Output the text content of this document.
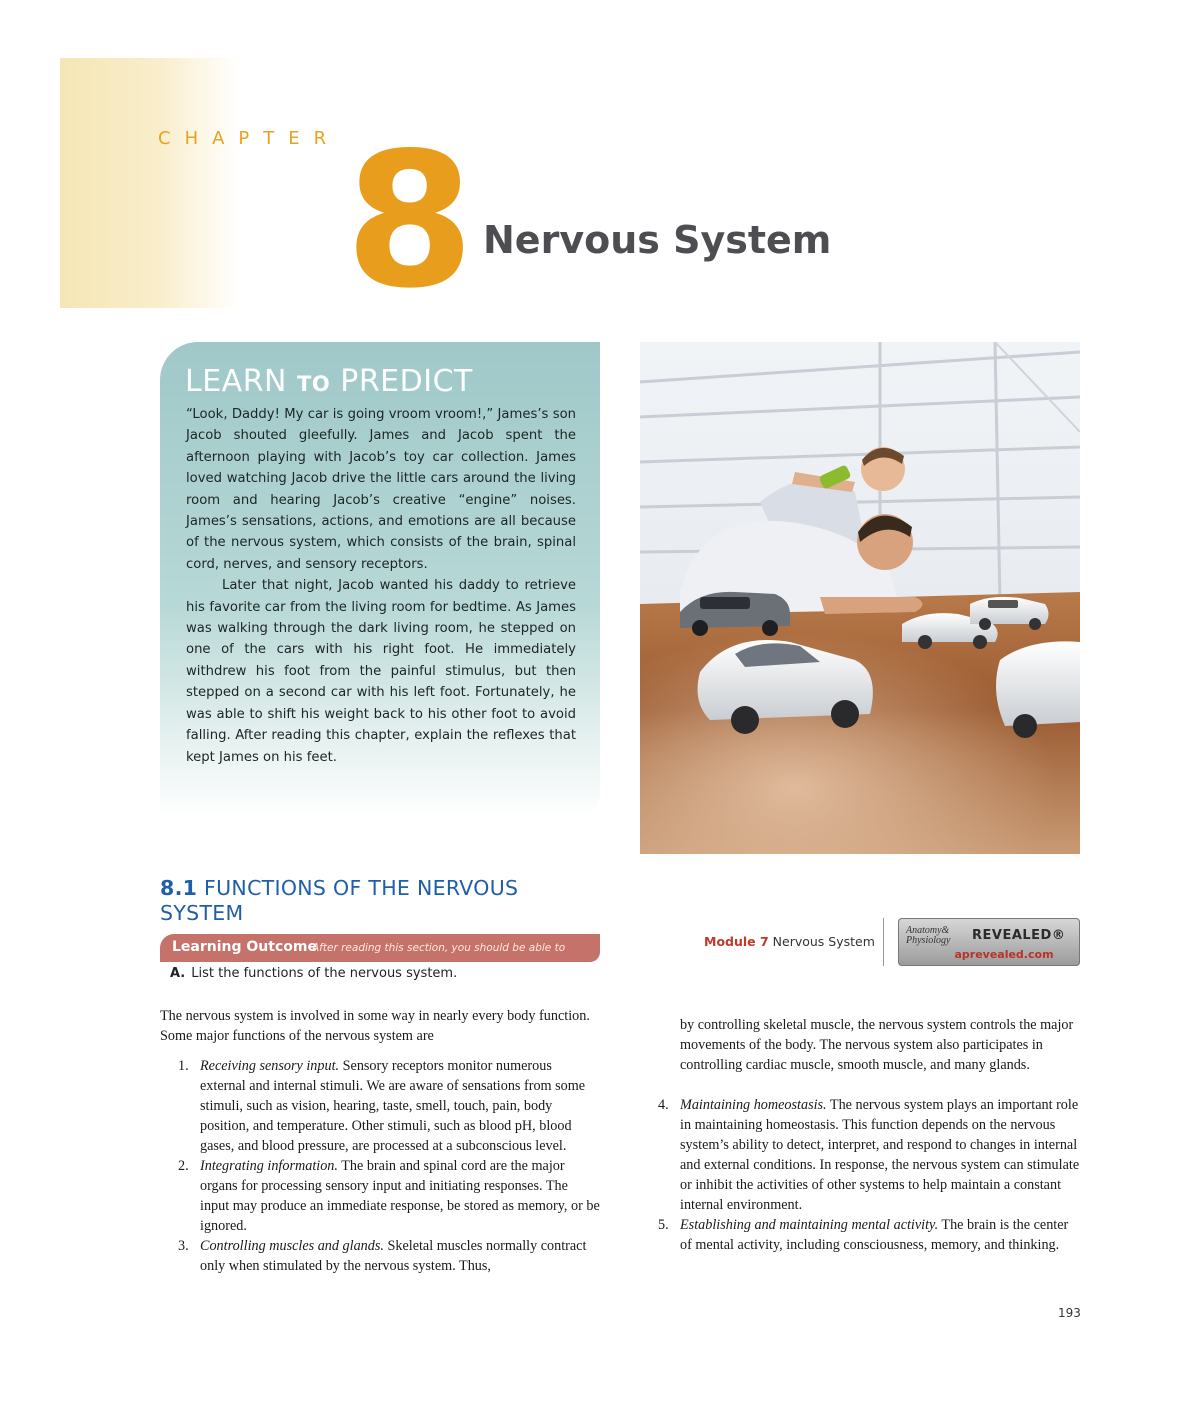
CHAPTER 8 Nervous System
LEARN TO PREDICT

“Look, Daddy! My car is going vroom vroom!,” James’s son Jacob shouted gleefully. James and Jacob spent the afternoon playing with Jacob’s toy car collection. James loved watching Jacob drive the little cars around the living room and hearing Jacob’s creative “engine” noises. James’s sensations, actions, and emotions are all because of the nervous system, which consists of the brain, spinal cord, nerves, and sensory receptors.

Later that night, Jacob wanted his daddy to retrieve his favorite car from the living room for bedtime. As James was walking through the dark living room, he stepped on one of the cars with his right foot. He immediately withdrew his foot from the painful stimulus, but then stepped on a second car with his left foot. Fortunately, he was able to shift his weight back to his other foot to avoid falling. After reading this chapter, explain the reflexes that kept James on his feet.

8.1 FUNCTIONS OF THE NERVOUS SYSTEM
Learning Outcome
After reading this section, you should be able to
A. List the functions of the nervous system.
Module 7 Nervous System
Anatomy&
Physiology REVEALED®
aprevealed.com
The nervous system is involved in some way in nearly every body function. Some major functions of the nervous system are
1. Receiving sensory input. Sensory receptors monitor numerous external and internal stimuli. We are aware of sensations from some stimuli, such as vision, hearing, taste, smell, touch, pain, body position, and temperature. Other stimuli, such as blood pH, blood gases, and blood pressure, are processed at a subconscious level.
2. Integrating information. The brain and spinal cord are the major organs for processing sensory input and initiating responses. The input may produce an immediate response, be stored as memory, or be ignored.
3. Controlling muscles and glands. Skeletal muscles normally contract only when stimulated by the nervous system. Thus,
by controlling skeletal muscle, the nervous system controls the major movements of the body. The nervous system also participates in controlling cardiac muscle, smooth muscle, and many glands.
4. Maintaining homeostasis. The nervous system plays an important role in maintaining homeostasis. This function depends on the nervous system’s ability to detect, interpret, and respond to changes in internal and external conditions. In response, the nervous system can stimulate or inhibit the activities of other systems to help maintain a constant internal environment.
5. Establishing and maintaining mental activity. The brain is the center of mental activity, including consciousness, memory, and thinking.
193
